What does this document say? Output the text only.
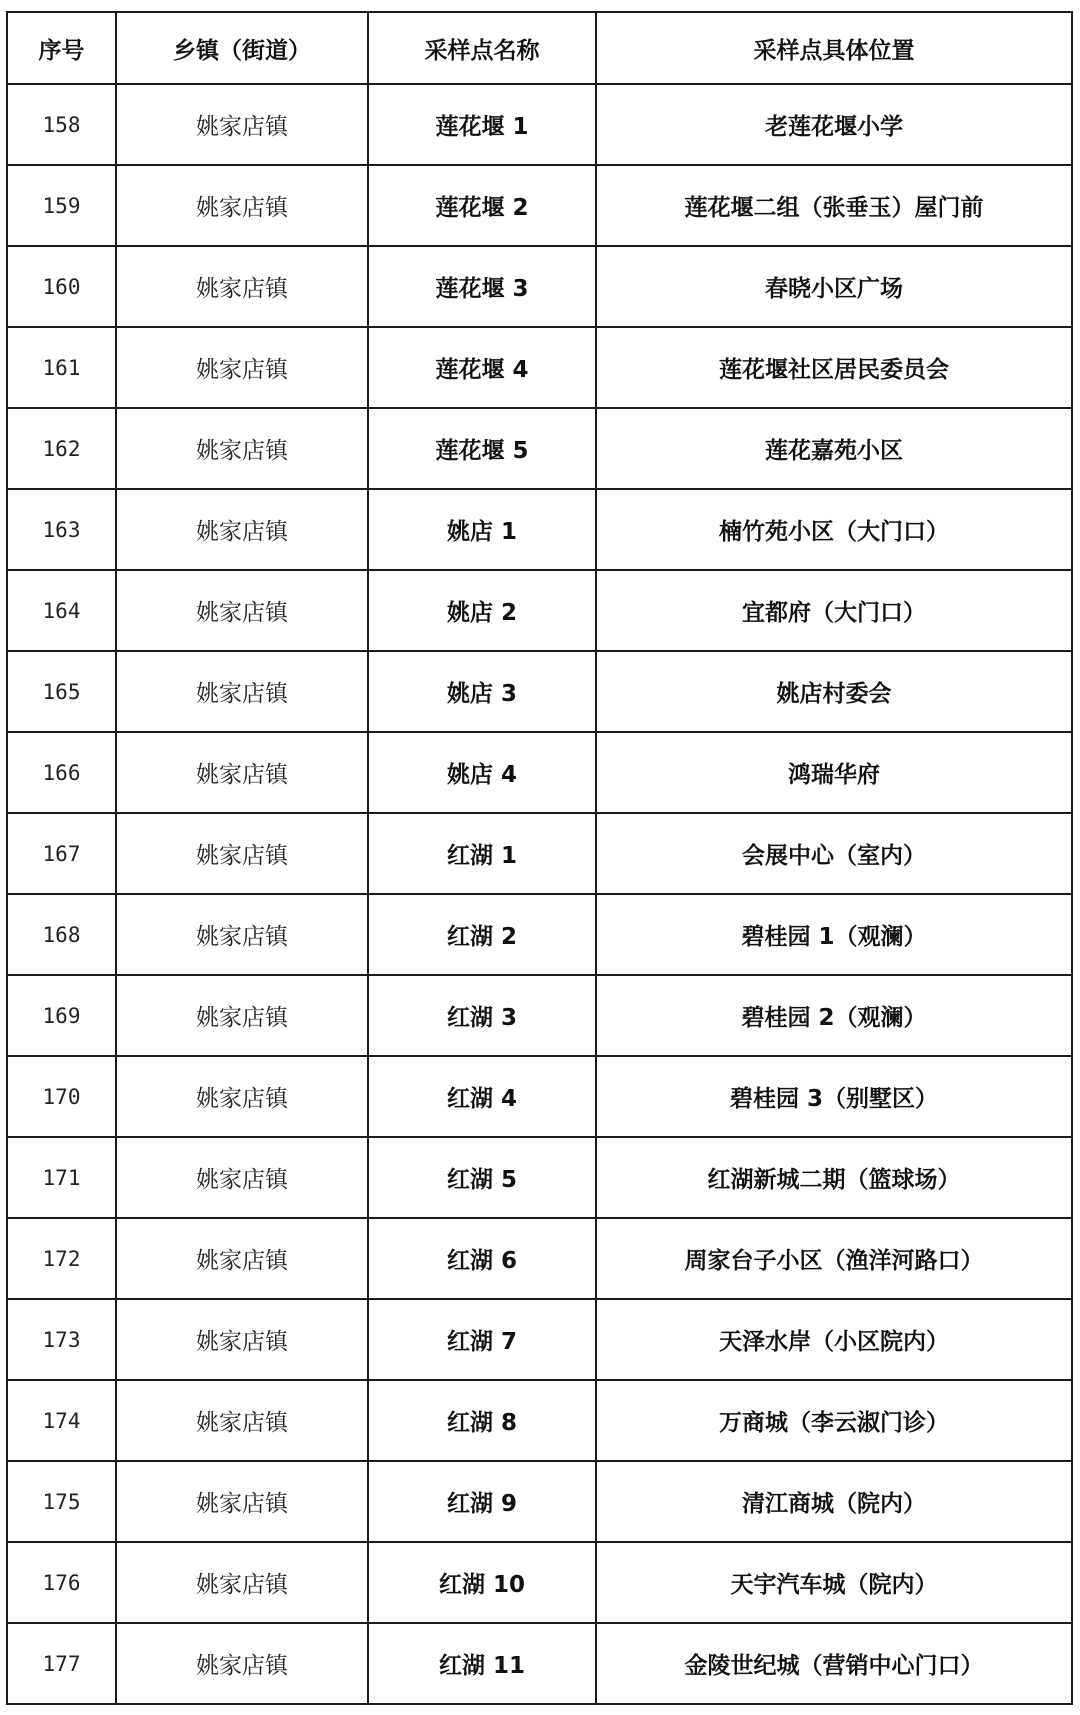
序号	乡镇（街道）	采样点名称	采样点具体位置
158	姚家店镇	莲花堰 1	老莲花堰小学
159	姚家店镇	莲花堰 2	莲花堰二组（张垂玉）屋门前
160	姚家店镇	莲花堰 3	春晓小区广场
161	姚家店镇	莲花堰 4	莲花堰社区居民委员会
162	姚家店镇	莲花堰 5	莲花嘉苑小区
163	姚家店镇	姚店 1	楠竹苑小区（大门口）
164	姚家店镇	姚店 2	宜都府（大门口）
165	姚家店镇	姚店 3	姚店村委会
166	姚家店镇	姚店 4	鸿瑞华府
167	姚家店镇	红湖 1	会展中心（室内）
168	姚家店镇	红湖 2	碧桂园 1（观澜）
169	姚家店镇	红湖 3	碧桂园 2（观澜）
170	姚家店镇	红湖 4	碧桂园 3（别墅区）
171	姚家店镇	红湖 5	红湖新城二期（篮球场）
172	姚家店镇	红湖 6	周家台子小区（渔洋河路口）
173	姚家店镇	红湖 7	天泽水岸（小区院内）
174	姚家店镇	红湖 8	万商城（李云淑门诊）
175	姚家店镇	红湖 9	清江商城（院内）
176	姚家店镇	红湖 10	天宇汽车城（院内）
177	姚家店镇	红湖 11	金陵世纪城（营销中心门口）
